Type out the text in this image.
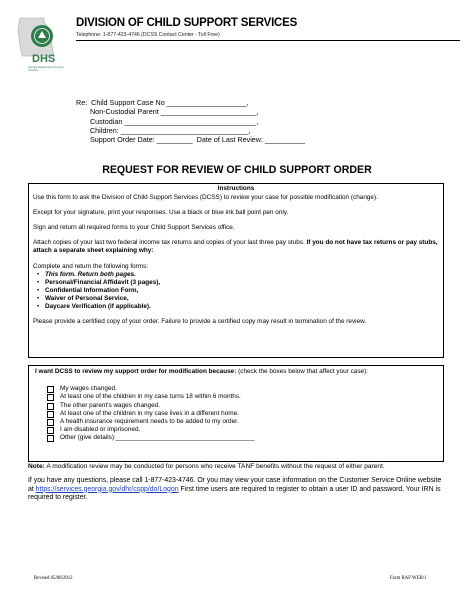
DHS
Georgia Department of Human Services
DIVISION OF CHILD SUPPORT SERVICES
Telephone: 1-877-423-4746 (DCSS Contact Center - Toll Free)
Re:  Child Support Case No ____________________,
Non-Custodial Parent ________________________,
Custodian _________________________________,
Children: ________________________________,
Support Order Date: _________  Date of Last Review: __________
REQUEST FOR REVIEW OF CHILD SUPPORT ORDER
Instructions

Use this form to ask the Division of Child Support Services (DCSS) to review your case for possible modification (change).

Except for your signature, print your responses. Use a black or blue ink ball point pen only.

Sign and return all required forms to your Child Support Services office.

Attach copies of your last two federal income tax returns and copies of your last three pay stubs. If you do not have tax returns or pay stubs, attach a separate sheet explaining why:

Complete and return the following forms:

• This form. Return both pages.
• Personal/Financial Affidavit (3 pages),
• Confidential Information Form,
• Waiver of Personal Service,
• Daycare Verification (if applicable).

Please provide a certified copy of your order. Failure to provide a certified copy may result in termination of the review.

I want DCSS to review my support order for modification because: (check the boxes below that affect your case):

My wages changed.
At least one of the children in my case turns 18 within 6 months.
The other parent's wages changed.
At least one of the children in my case lives in a different home.
A health insurance requirement needs to be added to my order.
I am disabled or imprisoned.
Other (give details):_______________________________________
Note: A modification review may be conducted for persons who receive TANF benefits without the request of either parent.
If you have any questions, please call 1-877-423-4746. Or you may view your case information on the Customer Service Online website at https://services.georgia.gov/dhr/cspp/do/Logon First time users are required to register to obtain a user ID and password. Your IRN is required to register.
Revised 05/08/2012	Form RAF WEB/1
